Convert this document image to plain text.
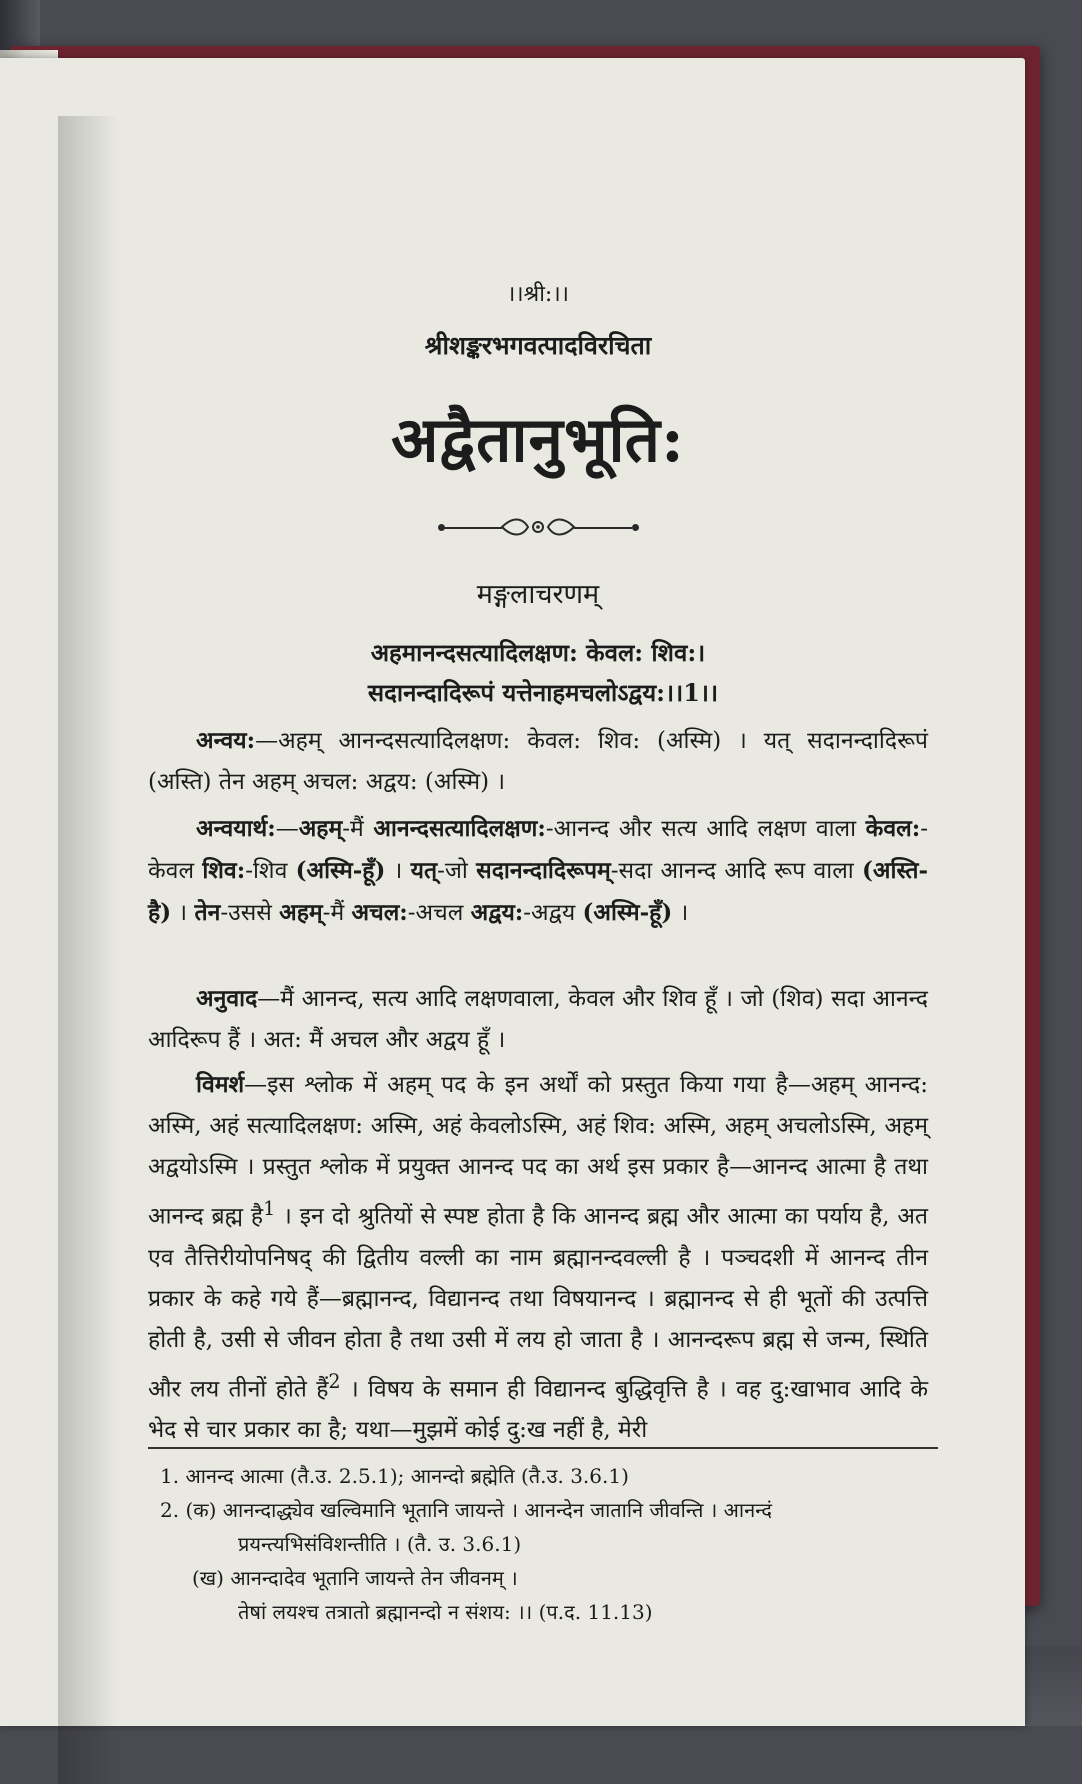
।।श्री:।।
श्रीशङ्करभगवत्पादविरचिता
अद्वैतानुभूति:
मङ्गलाचरणम्
अहमानन्दसत्यादिलक्षण: केवल: शिव:।
सदानन्दादिरूपं यत्तेनाहमचलोऽद्वय:।।1।।
अन्वय:—अहम् आनन्दसत्यादिलक्षण: केवल: शिव: (अस्मि) । यत् सदानन्दादिरूपं (अस्ति) तेन अहम् अचल: अद्वय: (अस्मि) ।
अन्वयार्थ:—अहम्-मैं आनन्दसत्यादिलक्षण:-आनन्द और सत्य आदि लक्षण वाला केवल:-केवल शिव:-शिव (अस्मि-हूँ) । यत्-जो सदानन्दादिरूपम्-सदा आनन्द आदि रूप वाला (अस्ति-है) । तेन-उससे अहम्-मैं अचल:-अचल अद्वय:-अद्वय (अस्मि-हूँ) ।
अनुवाद—मैं आनन्द, सत्य आदि लक्षणवाला, केवल और शिव हूँ । जो (शिव) सदा आनन्द आदिरूप हैं । अत: मैं अचल और अद्वय हूँ ।
विमर्श—इस श्लोक में अहम् पद के इन अर्थों को प्रस्तुत किया गया है—अहम् आनन्द: अस्मि, अहं सत्यादिलक्षण: अस्मि, अहं केवलोऽस्मि, अहं शिव: अस्मि, अहम् अचलोऽस्मि, अहम् अद्वयोऽस्मि । प्रस्तुत श्लोक में प्रयुक्त आनन्द पद का अर्थ इस प्रकार है—आनन्द आत्मा है तथा आनन्द ब्रह्म है$^1$ । इन दो श्रुतियों से स्पष्ट होता है कि आनन्द ब्रह्म और आत्मा का पर्याय है, अत एव तैत्तिरीयोपनिषद् की द्वितीय वल्ली का नाम ब्रह्मानन्दवल्ली है । पञ्चदशी में आनन्द तीन प्रकार के कहे गये हैं—ब्रह्मानन्द, विद्यानन्द तथा विषयानन्द । ब्रह्मानन्द से ही भूतों की उत्पत्ति होती है, उसी से जीवन होता है तथा उसी में लय हो जाता है । आनन्दरूप ब्रह्म से जन्म, स्थिति और लय तीनों होते हैं$^2$ । विषय के समान ही विद्यानन्द बुद्धिवृत्ति है । वह दु:खाभाव आदि के भेद से चार प्रकार का है; यथा—मुझमें कोई दु:ख नहीं है, मेरी
1. आनन्द आत्मा (तै.उ. 2.5.1); आनन्दो ब्रह्मेति (तै.उ. 3.6.1)
2. (क) आनन्दाद्ध्येव खल्विमानि भूतानि जायन्ते । आनन्देन जातानि जीवन्ति । आनन्दं
प्रयन्त्यभिसंविशन्तीति । (तै. उ. 3.6.1)
(ख) आनन्दादेव भूतानि जायन्ते तेन जीवनम् ।
तेषां लयश्च तत्रातो ब्रह्मानन्दो न संशय: ।। (प.द. 11.13)
